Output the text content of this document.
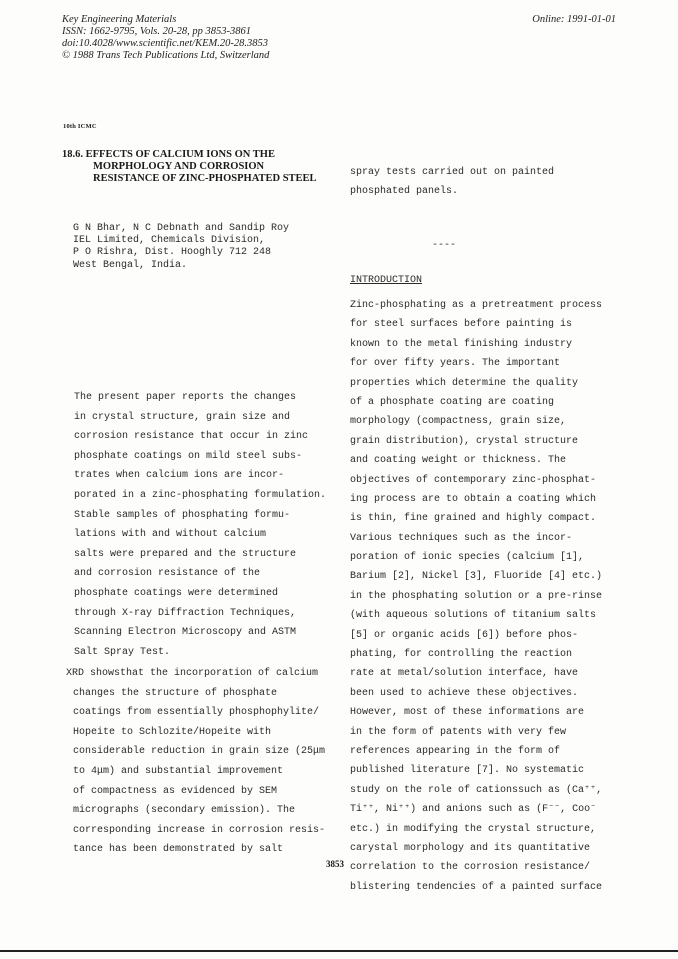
Key Engineering Materials
ISSN: 1662-9795, Vols. 20-28, pp 3853-3861
doi:10.4028/www.scientific.net/KEM.20-28.3853
© 1988 Trans Tech Publications Ltd, Switzerland
Online: 1991-01-01
10th ICMC
18.6. EFFECTS OF CALCIUM IONS ON THE
MORPHOLOGY AND CORROSION
RESISTANCE OF ZINC-PHOSPHATED STEEL
G N Bhar, N C Debnath and Sandip Roy
IEL Limited, Chemicals Division,
P O Rishra, Dist. Hooghly 712 248
West Bengal, India.
The present paper reports the changes
in crystal structure, grain size and
corrosion resistance that occur in zinc
phosphate coatings on mild steel subs-
trates when calcium ions are incor-
porated in a zinc-phosphating formulation.
Stable samples of phosphating formu-
lations with and without calcium
salts were prepared and the structure
and corrosion resistance of the
phosphate coatings were determined
through X-ray Diffraction Techniques,
Scanning Electron Microscopy and ASTM
Salt Spray Test.
XRD showsthat the incorporation of calcium
changes the structure of phosphate
coatings from essentially phosphophylite/
Hopeite to Schlozite/Hopeite with
considerable reduction in grain size (25μm
to 4μm) and substantial improvement
of compactness as evidenced by SEM
micrographs (secondary emission). The
corresponding increase in corrosion resis-
tance has been demonstrated by salt
spray tests carried out on painted
phosphated panels.
----
INTRODUCTION
Zinc-phosphating as a pretreatment process
for steel surfaces before painting is
known to the metal finishing industry
for over fifty years. The important
properties which determine the quality
of a phosphate coating are coating
morphology (compactness, grain size,
grain distribution), crystal structure
and coating weight or thickness. The
objectives of contemporary zinc-phosphat-
ing process are to obtain a coating which
is thin, fine grained and highly compact.
Various techniques such as the incor-
poration of ionic species (calcium [1],
Barium [2], Nickel [3], Fluoride [4] etc.)
in the phosphating solution or a pre-rinse
(with aqueous solutions of titanium salts
[5] or organic acids [6]) before phos-
phating, for controlling the reaction
rate at metal/solution interface, have
been used to achieve these objectives.
However, most of these informations are
in the form of patents with very few
references appearing in the form of
published literature [7]. No systematic
study on the role of cationssuch as (Ca⁺⁺,
Ti⁺⁺, Ni⁺⁺) and anions such as (F⁻⁻, Coo⁻
etc.) in modifying the crystal structure,
carystal morphology and its quantitative
correlation to the corrosion resistance/
blistering tendencies of a painted surface
3853
